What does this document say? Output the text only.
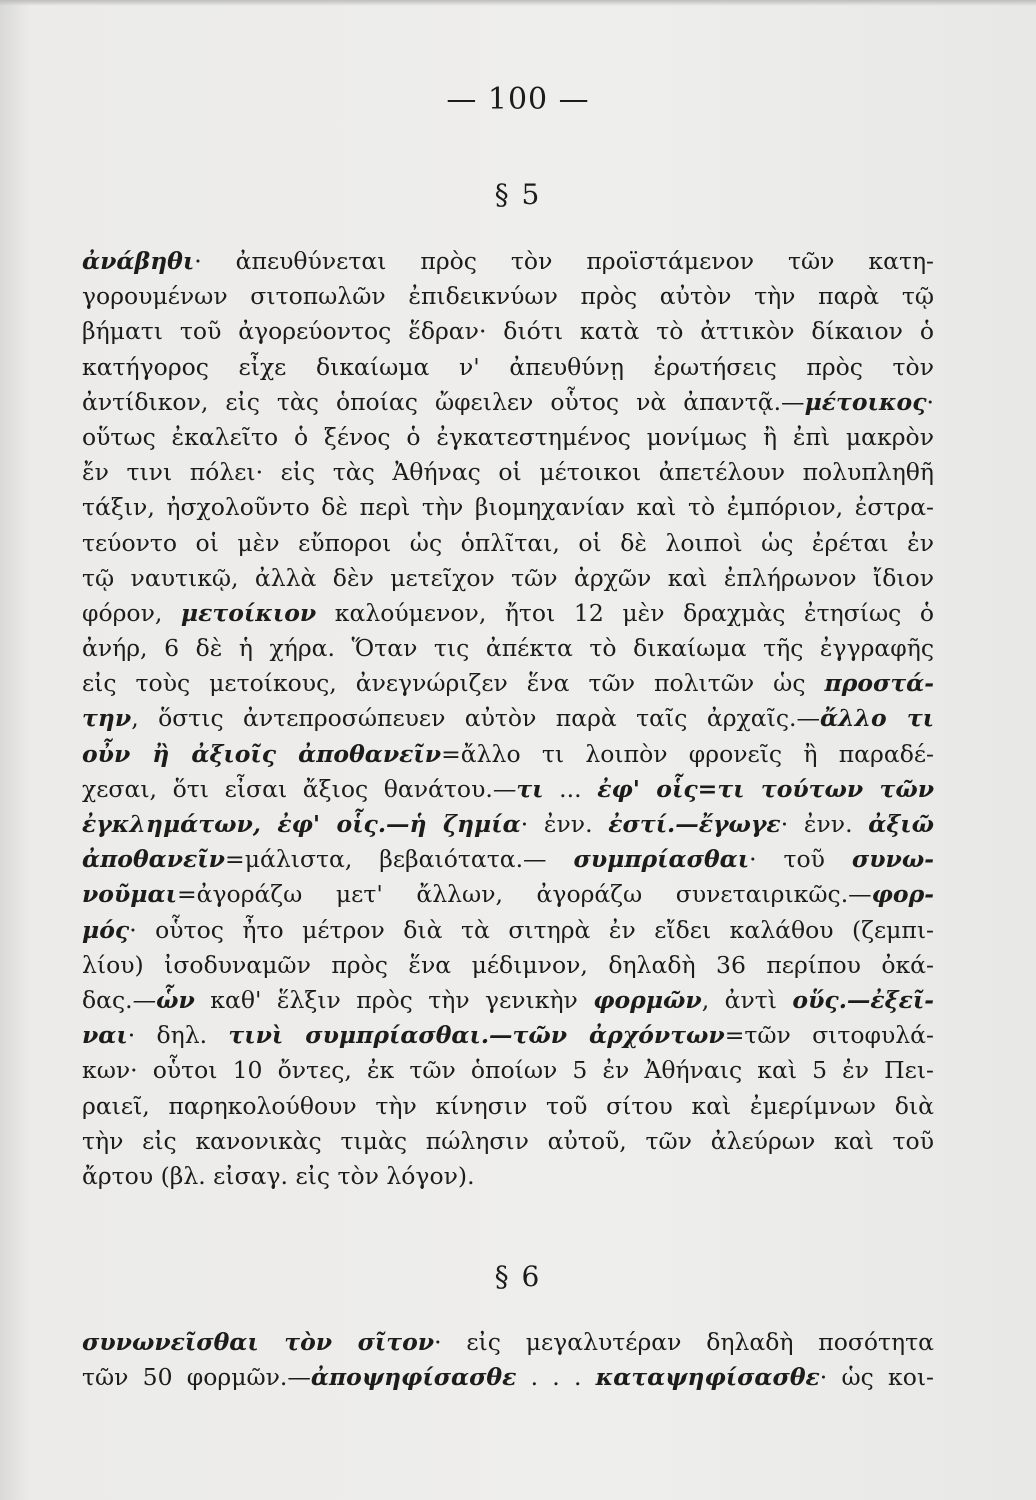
— 100 —
§ 5
ἀνάβηθι· ἀπευθύνεται πρὸς τὸν προϊστάμενον τῶν κατη-
γορουμένων σιτοπωλῶν ἐπιδεικνύων πρὸς αὐτὸν τὴν παρὰ τῷ
βήματι τοῦ ἀγορεύοντος ἕδραν· διότι κατὰ τὸ ἀττικὸν δίκαιον ὁ
κατήγορος εἶχε δικαίωμα ν' ἀπευθύνῃ ἐρωτήσεις πρὸς τὸν
ἀντίδικον, εἰς τὰς ὁποίας ὤφειλεν οὗτος νὰ ἀπαντᾷ.—μέτοικος·
οὕτως ἐκαλεῖτο ὁ ξένος ὁ ἐγκατεστημένος μονίμως ἢ ἐπὶ μακρὸν
ἔν τινι πόλει· εἰς τὰς Ἀθήνας οἱ μέτοικοι ἀπετέλουν πολυπληθῆ
τάξιν, ἠσχολοῦντο δὲ περὶ τὴν βιομηχανίαν καὶ τὸ ἐμπόριον, ἐστρα-
τεύοντο οἱ μὲν εὔποροι ὡς ὁπλῖται, οἱ δὲ λοιποὶ ὡς ἐρέται ἐν
τῷ ναυτικῷ, ἀλλὰ δὲν μετεῖχον τῶν ἀρχῶν καὶ ἐπλήρωνον ἴδιον
φόρον, μετοίκιον καλούμενον, ἤτοι 12 μὲν δραχμὰς ἐτησίως ὁ
ἀνήρ, 6 δὲ ἡ χήρα. Ὅταν τις ἀπέκτα τὸ δικαίωμα τῆς ἐγγραφῆς
εἰς τοὺς μετοίκους, ἀνεγνώριζεν ἕνα τῶν πολιτῶν ὡς προστά-
την, ὅστις ἀντεπροσώπευεν αὐτὸν παρὰ ταῖς ἀρχαῖς.—ἄλλο τι
οὖν ἢ ἀξιοῖς ἀποθανεῖν=ἄλλο τι λοιπὸν φρονεῖς ἢ παραδέ-
χεσαι, ὅτι εἶσαι ἄξιος θανάτου.—τι ... ἐφ' οἷς=τι τούτων τῶν
ἐγκλημάτων, ἐφ' οἷς.—ἡ ζημία· ἐνν. ἐστί.—ἔγωγε· ἐνν. ἀξιῶ
ἀποθανεῖν=μάλιστα, βεβαιότατα.— συμπρίασθαι· τοῦ συνω-
νοῦμαι=ἀγοράζω μετ' ἄλλων, ἀγοράζω συνεταιρικῶς.—φορ-
μός· οὗτος ἦτο μέτρον διὰ τὰ σιτηρὰ ἐν εἴδει καλάθου (ζεμπι-
λίου) ἰσοδυναμῶν πρὸς ἕνα μέδιμνον, δηλαδὴ 36 περίπου ὀκά-
δας.—ὧν καθ' ἕλξιν πρὸς τὴν γενικὴν φορμῶν, ἀντὶ οὕς.—ἐξεῖ-
ναι· δηλ. τινὶ συμπρίασθαι.—τῶν ἀρχόντων=τῶν σιτοφυλά-
κων· οὗτοι 10 ὄντες, ἐκ τῶν ὁποίων 5 ἐν Ἀθήναις καὶ 5 ἐν Πει-
ραιεῖ, παρηκολούθουν τὴν κίνησιν τοῦ σίτου καὶ ἐμερίμνων διὰ
τὴν εἰς κανονικὰς τιμὰς πώλησιν αὐτοῦ, τῶν ἀλεύρων καὶ τοῦ
ἄρτου (βλ. εἰσαγ. εἰς τὸν λόγον).
§ 6
συνωνεῖσθαι τὸν σῖτον· εἰς μεγαλυτέραν δηλαδὴ ποσότητα
τῶν 50 φορμῶν.—ἀποψηφίσασθε . . . καταψηφίσασθε· ὡς κοι-
